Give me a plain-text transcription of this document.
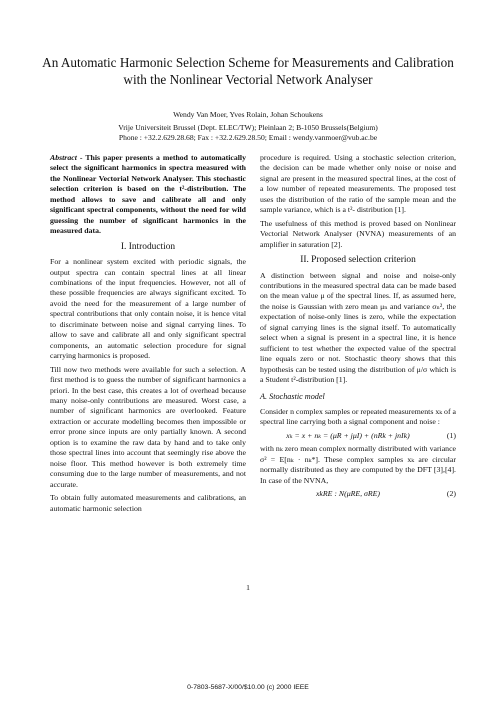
An Automatic Harmonic Selection Scheme for Measurements and Calibration with the Nonlinear Vectorial Network Analyser
Wendy Van Moer, Yves Rolain, Johan Schoukens
Vrije Universiteit Brussel (Dept. ELEC/TW); Pleinlaan 2; B-1050 Brussels(Belgium)
Phone : +32.2.629.28.68; Fax : +32.2.629.28.50; Email : wendy.vanmoer@vub.ac.be

Abstract - This paper presents a method to automatically select the significant harmonics in spectra measured with the Nonlinear Vectorial Network Analyser. This stochastic selection criterion is based on the t²-distribution. The method allows to save and calibrate all and only significant spectral components, without the need for wild guessing the number of significant harmonics in the measured data.

I. Introduction

For a nonlinear system excited with periodic signals, the output spectra can contain spectral lines at all linear combinations of the input frequencies. However, not all of these possible frequencies are always significant excited. To avoid the need for the measurement of a large number of spectral contributions that only contain noise, it is hence vital to discriminate between noise and signal carrying lines. To allow to save and calibrate all and only significant spectral components, an automatic selection procedure for signal carrying harmonics is proposed.

Till now two methods were available for such a selection. A first method is to guess the number of significant harmonics a priori. In the best case, this creates a lot of overhead because many noise-only contributions are measured. Worst case, a number of significant harmonics are overlooked. Feature extraction or accurate modelling becomes then impossible or error prone since inputs are only partially known. A second option is to examine the raw data by hand and to take only those spectral lines into account that seemingly rise above the noise floor. This method however is both extremely time consuming due to the large number of measurements, and not accurate.

To obtain fully automated measurements and calibrations, an automatic harmonic selection

procedure is required. Using a stochastic selection criterion, the decision can be made whether only noise or noise and signal are present in the measured spectral lines, at the cost of a low number of repeated measurements. The proposed test uses the distribution of the ratio of the sample mean and the sample variance, which is a t²- distribution [1].

The usefulness of this method is proved based on Nonlinear Vectorial Network Analyser (NVNA) measurements of an amplifier in saturation [2].

II. Proposed selection criterion

A distinction between signal and noise and noise-only contributions in the measured spectral data can be made based on the mean value μ of the spectral lines. If, as assumed here, the noise is Gaussian with zero mean μₙ and variance σₙ², the expectation of noise-only lines is zero, while the expectation of signal carrying lines is the signal itself. To automatically select when a signal is present in a spectral line, it is hence sufficient to test whether the expected value of the spectral line equals zero or not. Stochastic theory shows that this hypothesis can be tested using the distribution of μ/σ which is a Student t²-distribution [1].

A. Stochastic model

Consider n complex samples or repeated measurements xₖ of a spectral line carrying both a signal component and noise :

xₖ = x + nₖ = (μR + jμI) + (nRk + jnIk)	(1)

with nₖ zero mean complex normally distributed with variance σ² = E[nₖ · nₖ*]. These complex samples xₖ are circular normally distributed as they are computed by the DFT [3],[4]. In case of the NVNA,

xkRE : N(μRE, σRE)	(2)
1
0-7803-5687-X/00/$10.00 (c) 2000 IEEE
